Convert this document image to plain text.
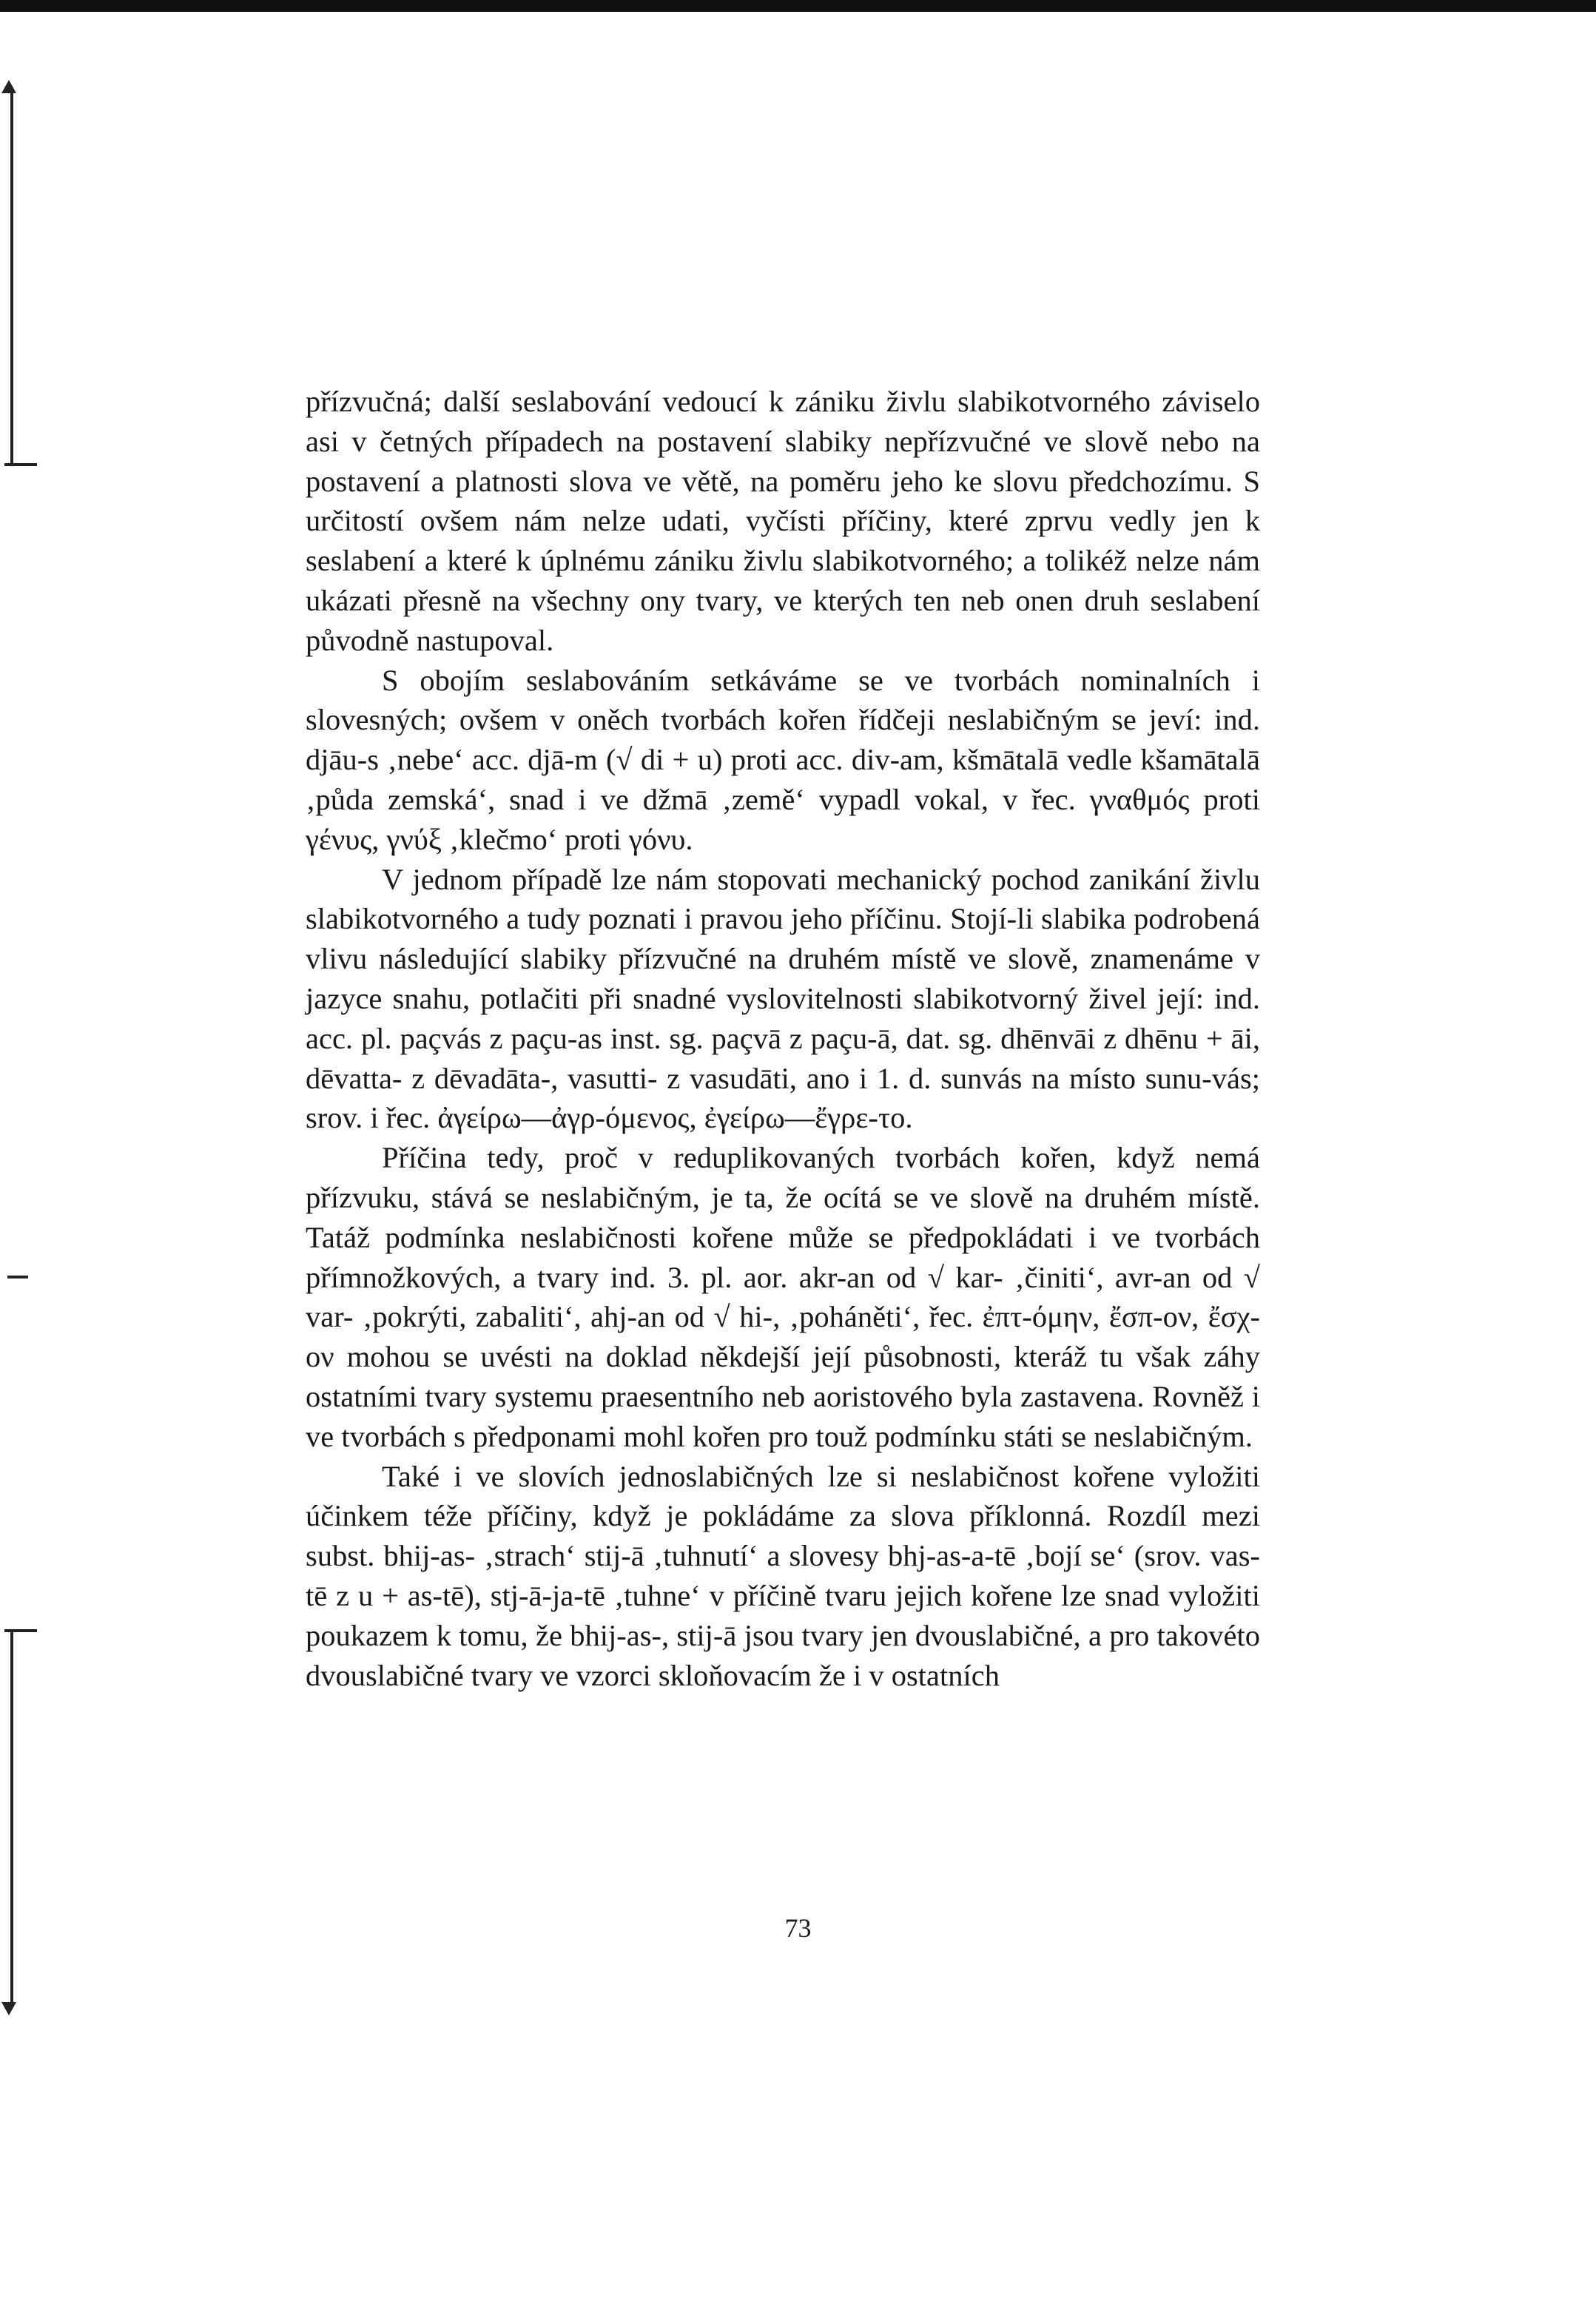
přízvučná; další seslabování vedoucí k zániku živlu slabikotvorného záviselo asi v četných případech na postavení slabiky nepřízvučné ve slově nebo na postavení a platnosti slova ve větě, na poměru jeho ke slovu předchozímu. S určitostí ovšem nám nelze udati, vyčísti příčiny, které zprvu vedly jen k seslabení a které k úplnému zániku živlu slabikotvorného; a tolikéž nelze nám ukázati přesně na všechny ony tvary, ve kterých ten neb onen druh seslabení původně nastupoval.

S obojím seslabováním setkáváme se ve tvorbách nominalních i slovesných; ovšem v oněch tvorbách kořen řídčeji neslabičným se jeví: ind. djāu-s ‚nebe‘ acc. djā-m (√ di + u) proti acc. div-am, kšmātalā vedle kšamātalā ‚půda zemská‘, snad i ve džmā ‚země‘ vypadl vokal, v řec. γναθμός proti γένυς, γνύξ ‚klečmo‘ proti γόνυ.

V jednom případě lze nám stopovati mechanický pochod zanikání živlu slabikotvorného a tudy poznati i pravou jeho příčinu. Stojí-li slabika podrobená vlivu následující slabiky přízvučné na druhém místě ve slově, znamenáme v jazyce snahu, potlačiti při snadné vyslovitelnosti slabikotvorný živel její: ind. acc. pl. paçvás z paçu-as inst. sg. paçvā z paçu-ā, dat. sg. dhēnvāi z dhēnu + āi, dēvatta- z dēvadāta-, vasutti- z vasudāti, ano i 1. d. sunvás na místo sunu-vás; srov. i řec. ἀγείρω—ἀγρ-όμενος, ἐγείρω—ἔγρε-το.

Příčina tedy, proč v reduplikovaných tvorbách kořen, když nemá přízvuku, stává se neslabičným, je ta, že ocítá se ve slově na druhém místě. Tatáž podmínka neslabičnosti kořene může se předpokládati i ve tvorbách přímnožkových, a tvary ind. 3. pl. aor. akr-an od √ kar- ‚činiti‘, avr-an od √ var- ‚pokrýti, zabaliti‘, ahj-an od √ hi-, ‚poháněti‘, řec. ἐπτ-όμην, ἔσπ-ον, ἔσχ-ον mohou se uvésti na doklad někdejší její působnosti, kteráž tu však záhy ostatními tvary systemu praesentního neb aoristového byla zastavena. Rovněž i ve tvorbách s předponami mohl kořen pro touž podmínku státi se neslabičným.

Také i ve slovích jednoslabičných lze si neslabičnost kořene vyložiti účinkem téže příčiny, když je pokládáme za slova příklonná. Rozdíl mezi subst. bhij-as- ‚strach‘ stij-ā ‚tuhnutí‘ a slovesy bhj-as-a-tē ‚bojí se‘ (srov. vas-tē z u + as-tē), stj-ā-ja-tē ‚tuhne‘ v příčině tvaru jejich kořene lze snad vyložiti poukazem k tomu, že bhij-as-, stij-ā jsou tvary jen dvouslabičné, a pro takovéto dvouslabičné tvary ve vzorci skloňovacím že i v ostatních

73
